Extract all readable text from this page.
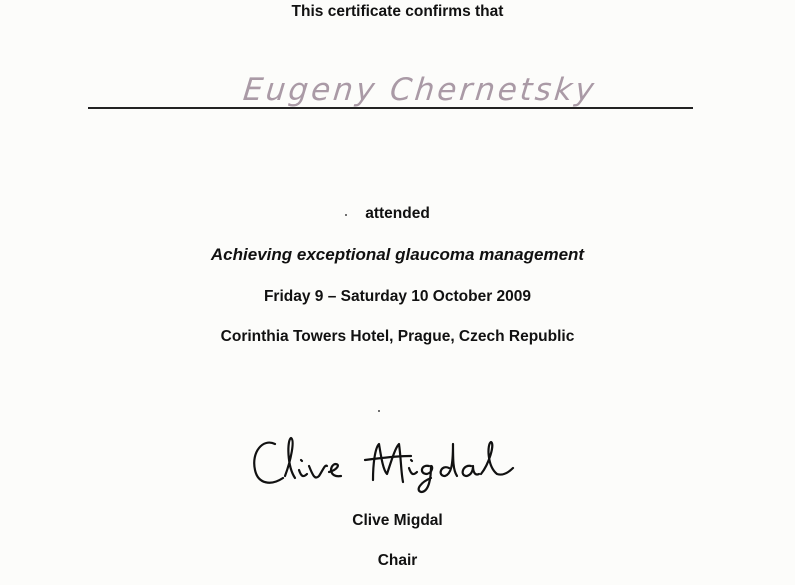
This certificate confirms that
Eugeny Chernetsky
attended
Achieving exceptional glaucoma management
Friday 9 – Saturday 10 October 2009
Corinthia Towers Hotel, Prague, Czech Republic
Clive Migdal
Chair
